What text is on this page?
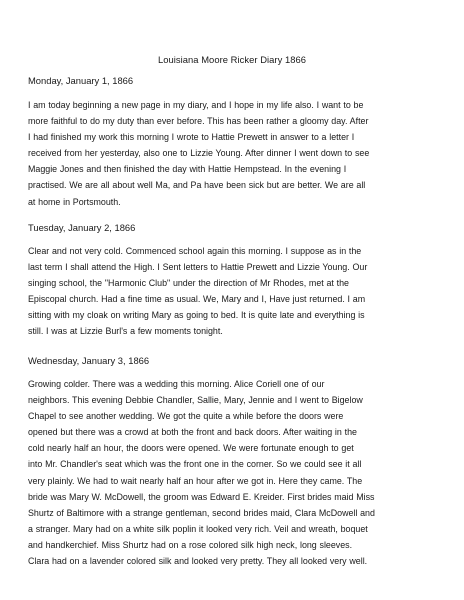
Louisiana Moore Ricker Diary 1866
Monday, January 1, 1866
I am today beginning a new page in my diary, and I hope in my life also. I want to be
more faithful to do my duty than ever before. This has been rather a gloomy day. After
I had finished my work this morning I wrote to Hattie Prewett in answer to a letter I
received from her yesterday, also one to Lizzie Young. After dinner I went down to see
Maggie Jones and then finished the day with Hattie Hempstead. In the evening I
practised. We are all about well Ma, and Pa have been sick but are better. We are all
at home in Portsmouth.
Tuesday, January 2, 1866
Clear and not very cold. Commenced school again this morning. I suppose as in the
last term I shall attend the High. I Sent letters to Hattie Prewett and Lizzie Young. Our
singing school, the "Harmonic Club" under the direction of Mr Rhodes, met at the
Episcopal church. Had a fine time as usual. We, Mary and I, Have just returned. I am
sitting with my cloak on writing Mary as going to bed. It is quite late and everything is
still. I was at Lizzie Burl's a few moments tonight.
Wednesday, January 3, 1866
Growing colder. There was a wedding this morning. Alice Coriell one of our
neighbors. This evening Debbie Chandler, Sallie, Mary, Jennie and I went to Bigelow
Chapel to see another wedding. We got the quite a while before the doors were
opened but there was a crowd at both the front and back doors. After waiting in the
cold nearly half an hour, the doors were opened. We were fortunate enough to get
into Mr. Chandler's seat which was the front one in the corner. So we could see it all
very plainly. We had to wait nearly half an hour after we got in. Here they came. The
bride was Mary W. McDowell, the groom was Edward E. Kreider. First brides maid Miss
Shurtz of Baltimore with a strange gentleman, second brides maid, Clara McDowell and
a stranger. Mary had on a white silk poplin it looked very rich. Veil and wreath, boquet
and handkerchief. Miss Shurtz had on a rose colored silk high neck, long sleeves.
Clara had on a lavender colored silk and looked very pretty. They all looked very well.
